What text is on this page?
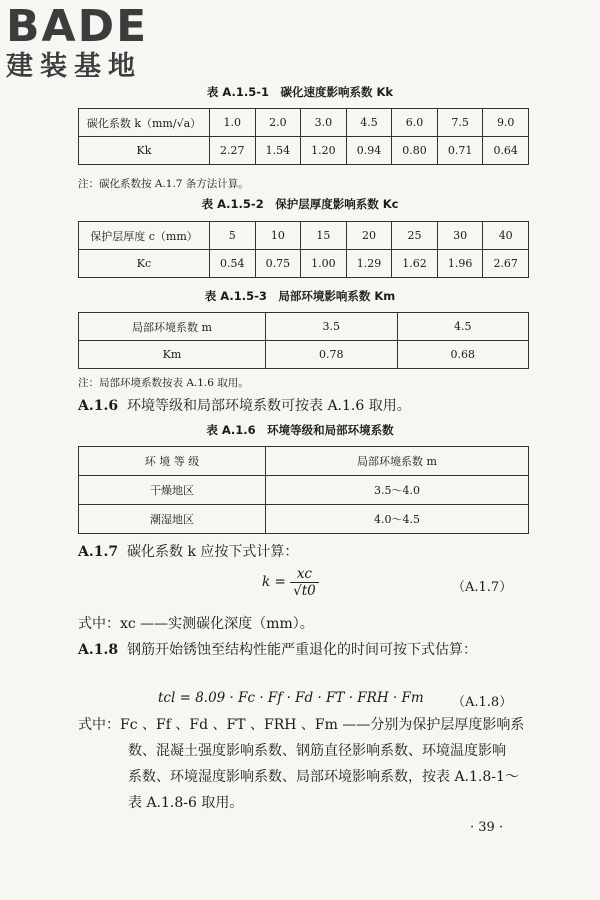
BADE
建装基地
表 A.1.5-1　碳化速度影响系数 Kk
碳化系数 k（mm/√a）	1.0	2.0	3.0	4.5	6.0	7.5	9.0
Kk	2.27	1.54	1.20	0.94	0.80	0.71	0.64
注：碳化系数按 A.1.7 条方法计算。
表 A.1.5-2　保护层厚度影响系数 Kc
保护层厚度 c（mm）	5	10	15	20	25	30	40
Kc	0.54	0.75	1.00	1.29	1.62	1.96	2.67
表 A.1.5-3　局部环境影响系数 Km
局部环境系数 m	3.5	4.5
Km	0.78	0.68
注：局部环境系数按表 A.1.6 取用。
A.1.6 环境等级和局部环境系数可按表 A.1.6 取用。
表 A.1.6　环境等级和局部环境系数
环 境 等 级	局部环境系数 m
干燥地区	3.5～4.0
潮湿地区	4.0～4.5
A.1.7 碳化系数 k 应按下式计算：
$k = \frac{xc}{√t0}$	（A.1.7）
式中：xc ——实测碳化深度（mm）。
A.1.8 钢筋开始锈蚀至结构性能严重退化的时间可按下式估算：
tcl = 8.09 · Fc · Ff · Fd · FT · FRH · Fm （A.1.8）
式中：Fc 、Ff 、Fd 、FT 、FRH 、Fm ——分别为保护层厚度影响系
数、混凝土强度影响系数、钢筋直径影响系数、环境温度影响
系数、环境湿度影响系数、局部环境影响系数，按表 A.1.8-1～
表 A.1.8-6 取用。
· 39 ·
